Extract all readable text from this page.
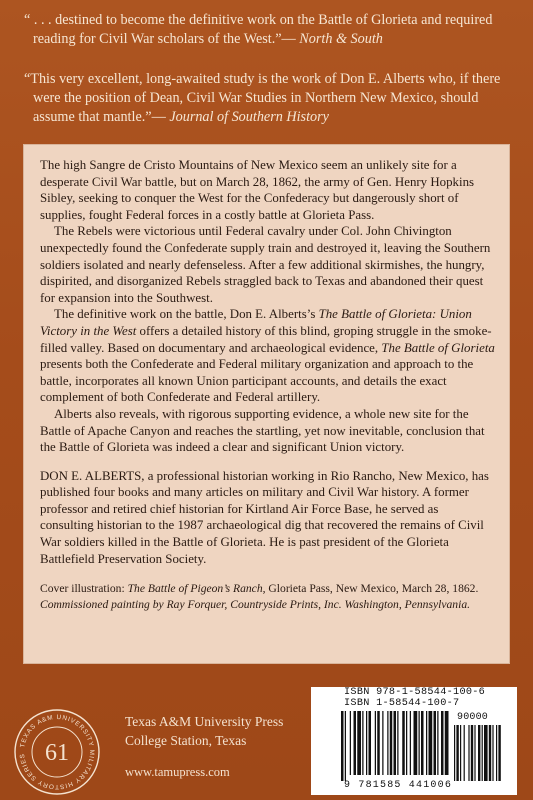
“ . . . destined to become the definitive work on the Battle of Glorieta and required reading for Civil War scholars of the West.”— North & South
“This very excellent, long-awaited study is the work of Don E. Alberts who, if there were the position of Dean, Civil War Studies in Northern New Mexico, should assume that mantle.”— Journal of Southern History

The high Sangre de Cristo Mountains of New Mexico seem an unlikely site for a desperate Civil War battle, but on March 28, 1862, the army of Gen. Henry Hopkins Sibley, seeking to conquer the West for the Confederacy but dangerously short of supplies, fought Federal forces in a costly battle at Glorieta Pass.

The Rebels were victorious until Federal cavalry under Col. John Chivington unexpectedly found the Confederate supply train and destroyed it, leaving the Southern soldiers isolated and nearly defenseless. After a few additional skirmishes, the hungry, dispirited, and disorganized Rebels straggled back to Texas and abandoned their quest for expansion into the Southwest.

The definitive work on the battle, Don E. Alberts’s The Battle of Glorieta: Union Victory in the West offers a detailed history of this blind, groping struggle in the smoke-filled valley. Based on documentary and archaeological evidence, The Battle of Glorieta presents both the Confederate and Federal military organization and approach to the battle, incorporates all known Union participant accounts, and details the exact complement of both Confederate and Federal artillery.

Alberts also reveals, with rigorous supporting evidence, a whole new site for the Battle of Apache Canyon and reaches the startling, yet now inevitable, conclusion that the Battle of Glorieta was indeed a clear and significant Union victory.

DON E. ALBERTS, a professional historian working in Rio Rancho, New Mexico, has published four books and many articles on military and Civil War history. A former professor and retired chief historian for Kirtland Air Force Base, he served as consulting historian to the 1987 archaeological dig that recovered the remains of Civil War soldiers killed in the Battle of Glorieta. He is past president of the Glorieta Battlefield Preservation Society.

Cover illustration: The Battle of Pigeon’s Ranch, Glorieta Pass, New Mexico, March 28, 1862.
Commissioned painting by Ray Forquer, Countryside Prints, Inc. Washington, Pennsylvania.

TEXAS A&M UNIVERSITY MILITARY HISTORY SERIES 61
Texas A&M University Press
College Station, Texas
www.tamupress.com
ISBN 978-1-58544-100-6
ISBN 1-58544-100-7
90000
9 781585 441006
